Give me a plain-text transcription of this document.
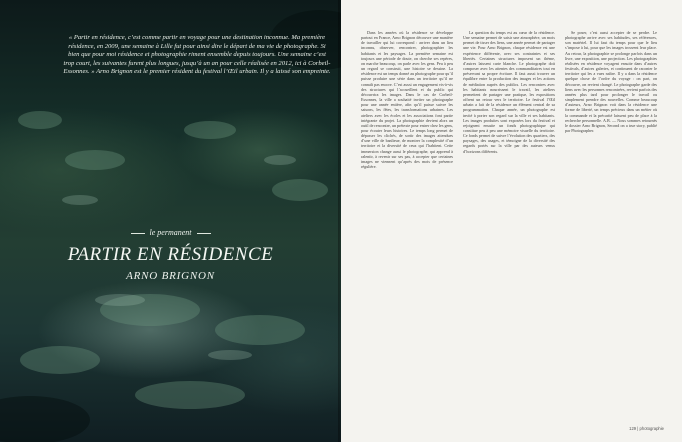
« Partir en résidence, c’est comme partir en voyage pour une destination inconnue. Ma première résidence, en 2009, une semaine à Lille fut pour ainsi dire le départ de ma vie de photographe. Si bien que pour moi résidence et photographie riment ensemble depuis toujours. Une semaine c’est trop court, les suivantes furent plus longues, jusqu’à un an pour celle réalisée en 2012, ici à Corbeil-Essonnes. » Arno Brignon est le premier résident du festival l’Œil urbain. Il y a laissé son empreinte.
le permanent
PARTIR EN RÉSIDENCE
ARNO BRIGNON
Dans les années où la résidence se développe partout en France, Arno Brignon découvre une manière de travailler qui lui correspond : arriver dans un lieu inconnu, observer, rencontrer, photographier les habitants et les paysages. La première semaine est toujours une période de doute, on cherche ses repères, on marche beaucoup, on parle avec les gens. Peu à peu un regard se construit, une histoire se dessine. La résidence est un temps donné au photographe pour qu’il puisse produire une série dans un territoire qu’il ne connaît pas encore. C’est aussi un engagement vis-à-vis des structures qui l’accueillent et du public qui découvrira les images. Dans le cas de Corbeil-Essonnes, la ville a souhaité inviter un photographe pour une année entière, afin qu’il puisse suivre les saisons, les fêtes, les transformations urbaines. Les ateliers avec les écoles et les associations font partie intégrante du projet. La photographie devient alors un outil de rencontre, un prétexte pour entrer chez les gens, pour écouter leurs histoires. Le temps long permet de dépasser les clichés, de sortir des images attendues d’une ville de banlieue, de montrer la complexité d’un territoire et la diversité de ceux qui l’habitent. Cette immersion change aussi le photographe, qui apprend à ralentir, à revenir sur ses pas, à accepter que certaines images ne viennent qu’après des mois de présence régulière.
La question du temps est au cœur de la résidence. Une semaine permet de saisir une atmosphère, un mois permet de tisser des liens, une année permet de partager une vie. Pour Arno Brignon, chaque résidence est une expérience différente, avec ses contraintes et ses libertés. Certaines structures imposent un thème, d’autres laissent carte blanche. Le photographe doit composer avec les attentes des commanditaires tout en préservant sa propre écriture. Il faut aussi trouver un équilibre entre la production des images et les actions de médiation auprès des publics. Les rencontres avec les habitants nourrissent le travail, les ateliers permettent de partager une pratique, les expositions offrent un retour vers le territoire. Le festival l’Œil urbain a fait de la résidence un élément central de sa programmation. Chaque année, un photographe est invité à porter son regard sur la ville et ses habitants. Les images produites sont exposées lors du festival et rejoignent ensuite un fonds photographique qui constitue peu à peu une mémoire visuelle du territoire. Ce fonds permet de suivre l’évolution des quartiers, des paysages, des usages, et témoigne de la diversité des regards portés sur la ville par des auteurs venus d’horizons différents.
Se poser, c’est aussi accepter de se perdre. Le photographe arrive avec ses habitudes, ses références, son matériel. Il lui faut du temps pour que le lieu s’impose à lui, pour que les images trouvent leur place. Au retour, la photographie se prolonge parfois dans un livre, une exposition, une projection. Les photographies réalisées en résidence voyagent ensuite dans d’autres festivals, d’autres galeries, et continuent de raconter le territoire qui les a vues naître. Il y a dans la résidence quelque chose de l’ordre du voyage : on part, on découvre, on revient changé. Le photographe garde des liens avec les personnes rencontrées, revient parfois des années plus tard pour prolonger le travail ou simplement prendre des nouvelles. Comme beaucoup d’auteurs, Arno Brignon voit dans la résidence une forme de liberté, un temps précieux dans un métier où la commande et la précarité laissent peu de place à la recherche personnelle. A.B. — Nous sommes retournés le dossier Arno Brignon, Second on a true story, publié par Photographer.
129 | photographie
